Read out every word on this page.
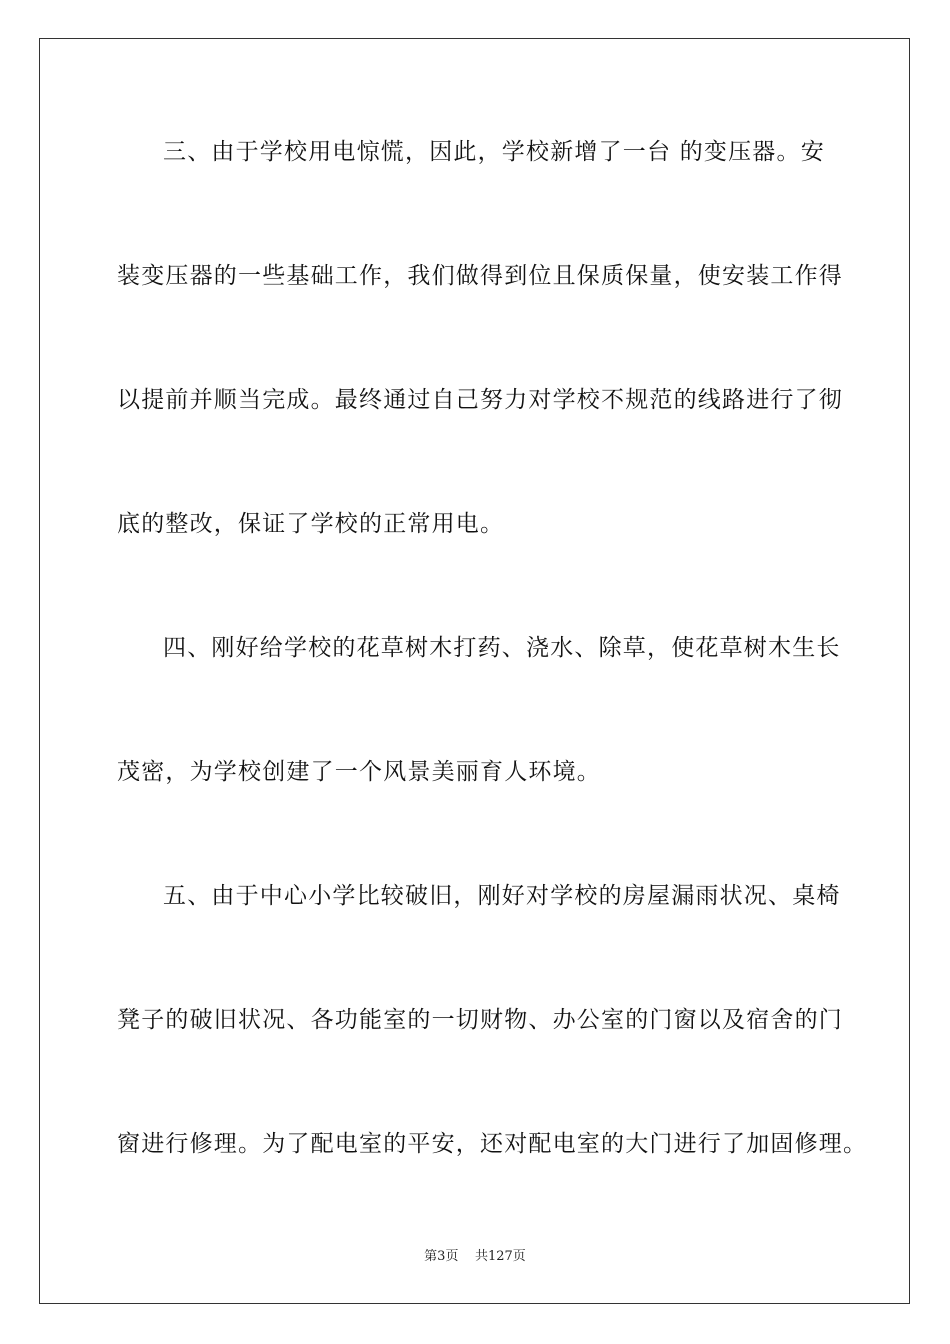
三、由于学校用电惊慌，因此，学校新增了一台 的变压器。安
装变压器的一些基础工作，我们做得到位且保质保量，使安装工作得
以提前并顺当完成。最终通过自己努力对学校不规范的线路进行了彻
底的整改，保证了学校的正常用电。
四、刚好给学校的花草树木打药、浇水、除草，使花草树木生长
茂密，为学校创建了一个风景美丽育人环境。
五、由于中心小学比较破旧，刚好对学校的房屋漏雨状况、桌椅
凳子的破旧状况、各功能室的一切财物、办公室的门窗以及宿舍的门
窗进行修理。为了配电室的平安，还对配电室的大门进行了加固修理。
第3页 共127页
